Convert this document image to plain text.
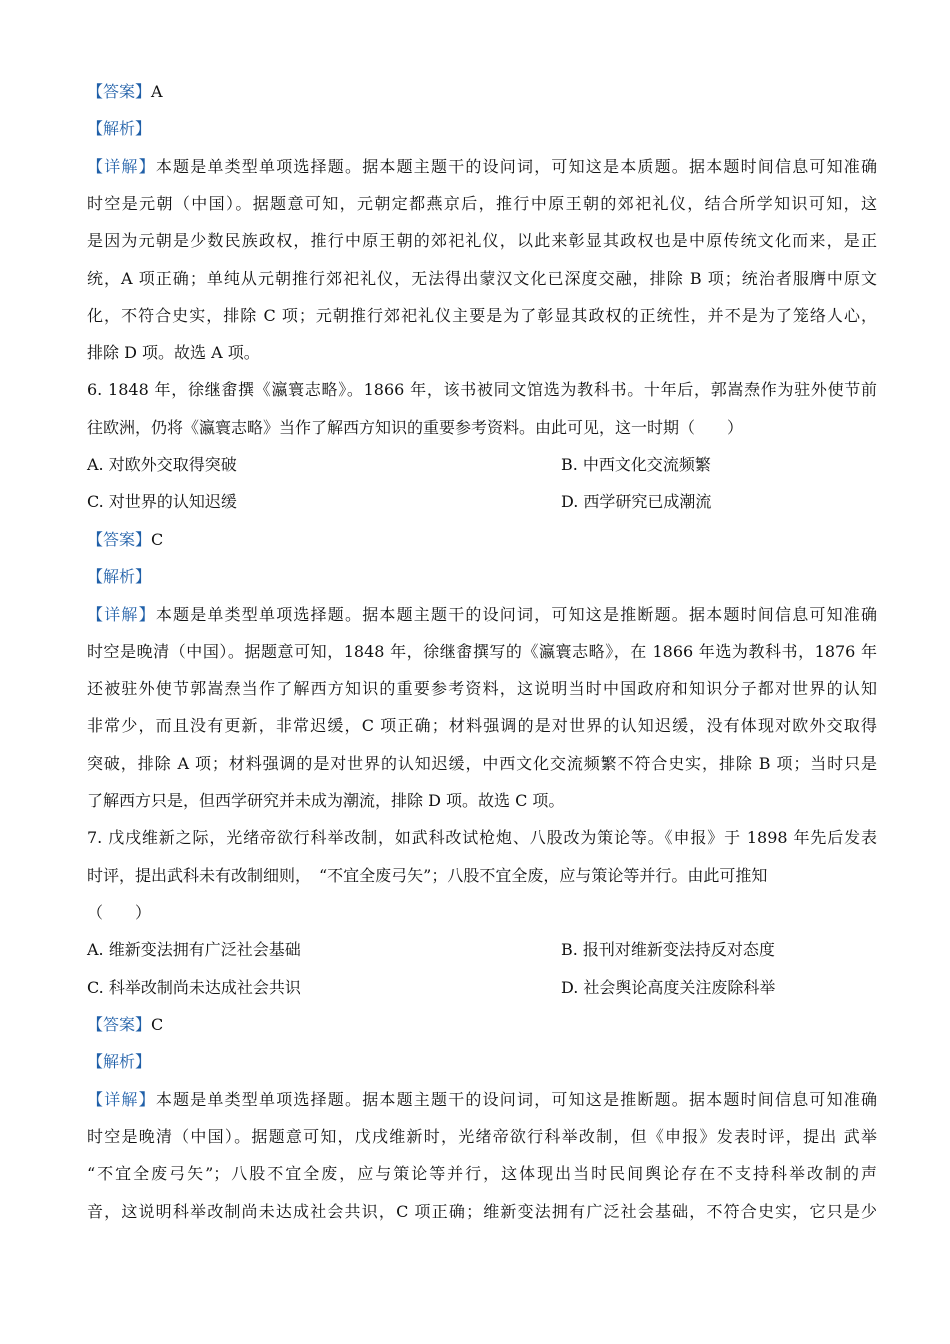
【答案】A
【解析】
【详解】本题是单类型单项选择题。据本题主题干的设问词，可知这是本质题。据本题时间信息可知准确
时空是元朝（中国）。据题意可知，元朝定都燕京后，推行中原王朝的郊祀礼仪，结合所学知识可知，这
是因为元朝是少数民族政权，推行中原王朝的郊祀礼仪，以此来彰显其政权也是中原传统文化而来，是正
统，A 项正确；单纯从元朝推行郊祀礼仪，无法得出蒙汉文化已深度交融，排除 B 项；统治者服膺中原文
化，不符合史实，排除 C 项；元朝推行郊祀礼仪主要是为了彰显其政权的正统性，并不是为了笼络人心，
排除 D 项。故选 A 项。
6. 1848 年，徐继畬撰《瀛寰志略》。1866 年，该书被同文馆选为教科书。十年后，郭嵩焘作为驻外使节前
往欧洲，仍将《瀛寰志略》当作了解西方知识的重要参考资料。由此可见，这一时期（　　）
A. 对欧外交取得突破	B. 中西文化交流频繁
C. 对世界的认知迟缓	D. 西学研究已成潮流
【答案】C
【解析】
【详解】本题是单类型单项选择题。据本题主题干的设问词，可知这是推断题。据本题时间信息可知准确
时空是晚清（中国）。据题意可知，1848 年，徐继畬撰写的《瀛寰志略》，在 1866 年选为教科书，1876 年
还被驻外使节郭嵩焘当作了解西方知识的重要参考资料，这说明当时中国政府和知识分子都对世界的认知
非常少，而且没有更新，非常迟缓，C 项正确；材料强调的是对世界的认知迟缓，没有体现对欧外交取得
突破，排除 A 项；材料强调的是对世界的认知迟缓，中西文化交流频繁不符合史实，排除 B 项；当时只是
了解西方只是，但西学研究并未成为潮流，排除 D 项。故选 C 项。
7. 戊戌维新之际，光绪帝欲行科举改制，如武科改试枪炮、八股改为策论等。《申报》于 1898 年先后发表
时评，提出武科未有改制细则，　“不宜全废弓矢”；八股不宜全废，应与策论等并行。由此可推知
（　　）
A. 维新变法拥有广泛社会基础	B. 报刊对维新变法持反对态度
C. 科举改制尚未达成社会共识	D. 社会舆论高度关注废除科举
【答案】C
【解析】
【详解】本题是单类型单项选择题。据本题主题干的设问词，可知这是推断题。据本题时间信息可知准确
时空是晚清（中国）。据题意可知，戊戌维新时，光绪帝欲行科举改制，但《申报》发表时评，提出 武举
“不宜全废弓矢”；八股不宜全废，应与策论等并行，这体现出当时民间舆论存在不支持科举改制的声
音，这说明科举改制尚未达成社会共识，C 项正确；维新变法拥有广泛社会基础，不符合史实，它只是少
